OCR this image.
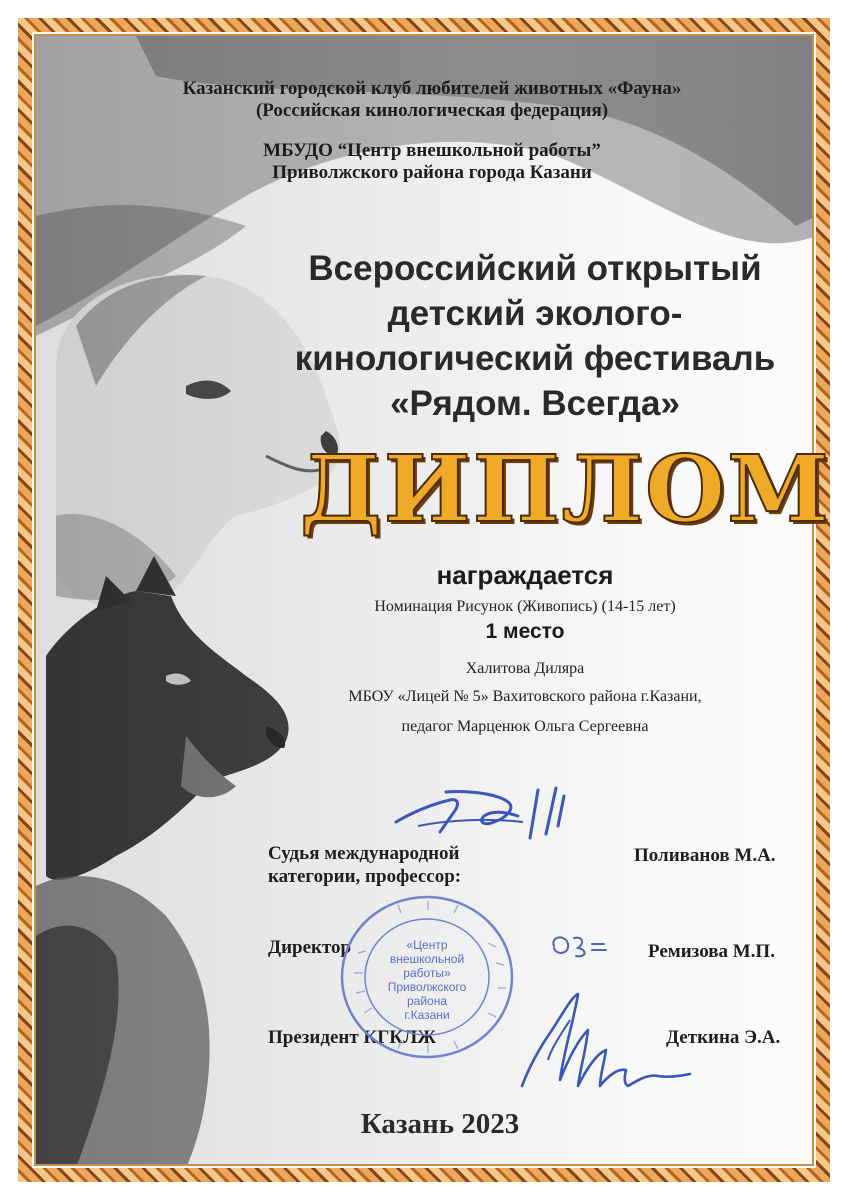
Казанский городской клуб любителей животных «Фауна»
(Российская кинологическая федерация)
МБУДО “Центр внешкольной работы”
Приволжского района города Казани
Всероссийский открытый
детский эколого-
кинологический фестиваль
«Рядом. Всегда»
ДИПЛОМ
награждается
Номинация Рисунок (Живопись) (14-15 лет)
1 место
Халитова Диляра
МБОУ «Лицей № 5» Вахитовского района г.Казани,
педагог Марценюк Ольга Сергеевна
Судья международной
категории, профессор:
Поливанов М.А.
Директор	Ремизова М.П.
Президент КГКЛЖ	Деткина Э.А.
«Центр
внешкольной
работы»
Приволжского района
г.Казани
Казань 2023
